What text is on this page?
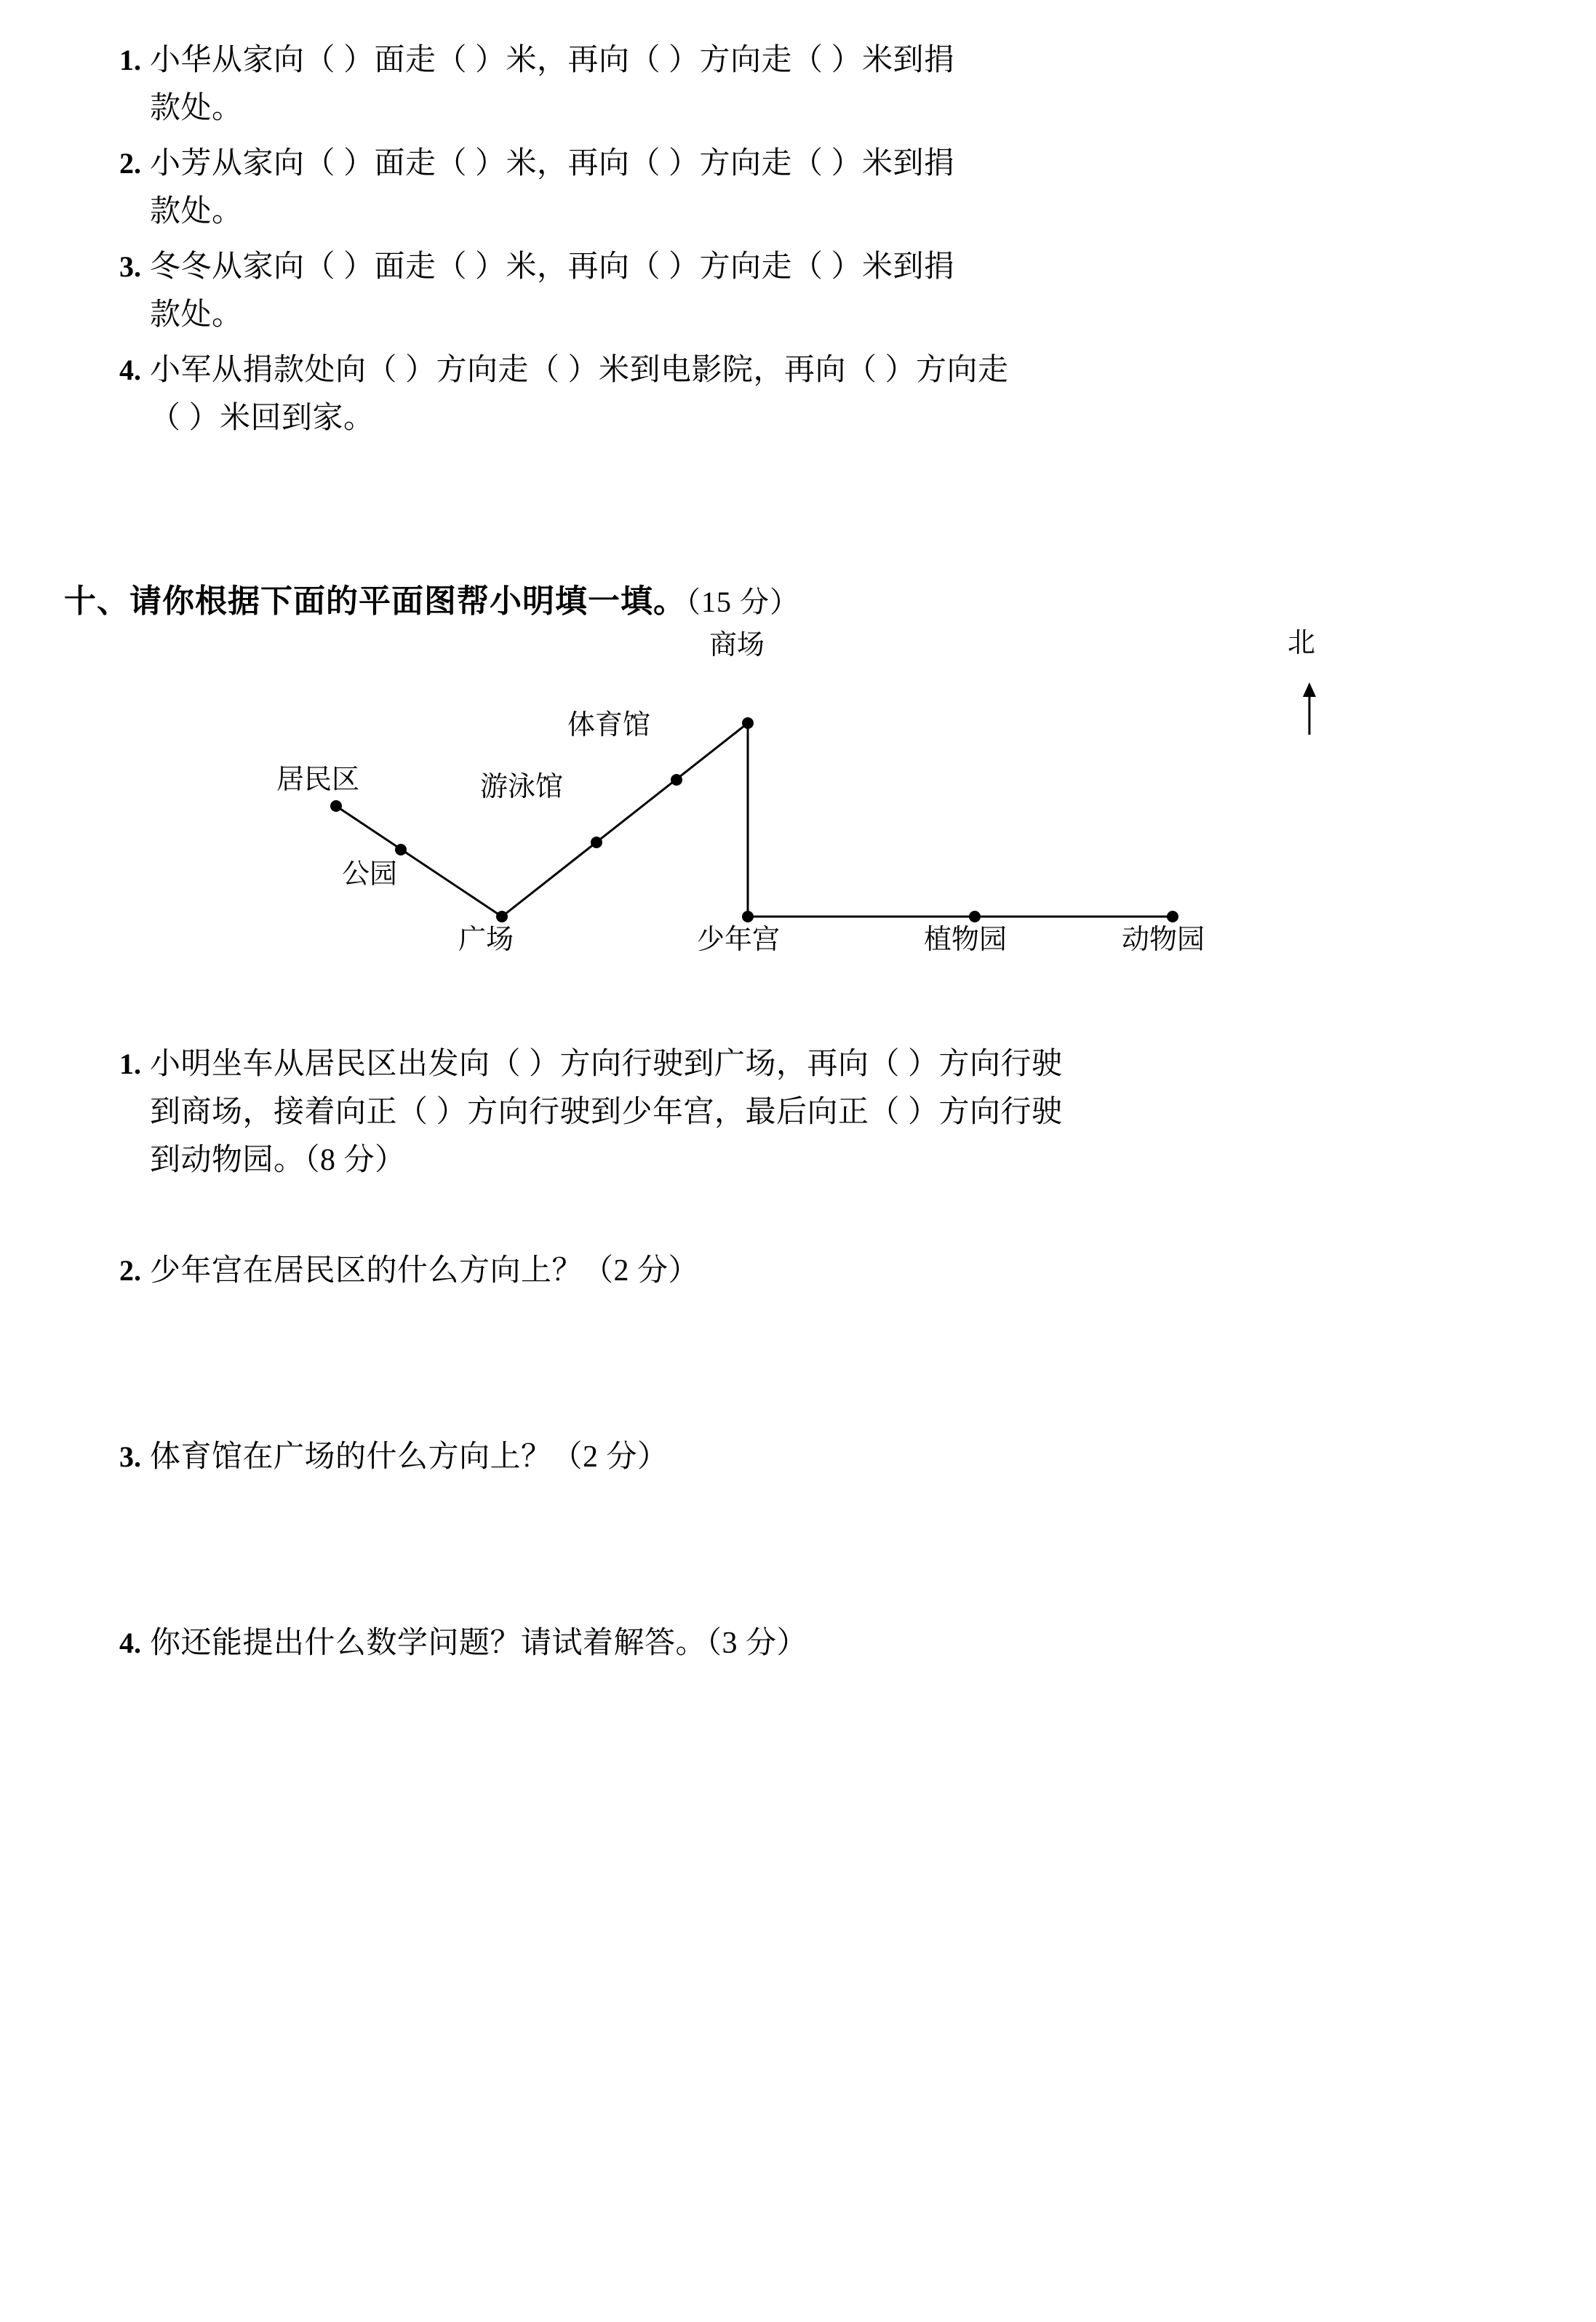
1. 小华从家向（ ）面走（ ）米，再向（ ）方向走（ ）米到捐
款处。
2. 小芳从家向（ ）面走（ ）米，再向（ ）方向走（ ）米到捐
款处。
3. 冬冬从家向（ ）面走（ ）米，再向（ ）方向走（ ）米到捐
款处。
4. 小军从捐款处向（ ）方向走（ ）米到电影院，再向（ ）方向走
（ ）米回到家。
十、请你根据下面的平面图帮小明填一填。（15 分）
北
居民区
公园
广场
游泳馆
体育馆
商场
少年宫	植物园	动物园
1. 小明坐车从居民区出发向（ ）方向行驶到广场，再向（ ）方向行驶
到商场，接着向正（ ）方向行驶到少年宫，最后向正（ ）方向行驶
到动物园。（8 分）
2. 少年宫在居民区的什么方向上？（2 分）
3. 体育馆在广场的什么方向上？（2 分）
4. 你还能提出什么数学问题？请试着解答。（3 分）
